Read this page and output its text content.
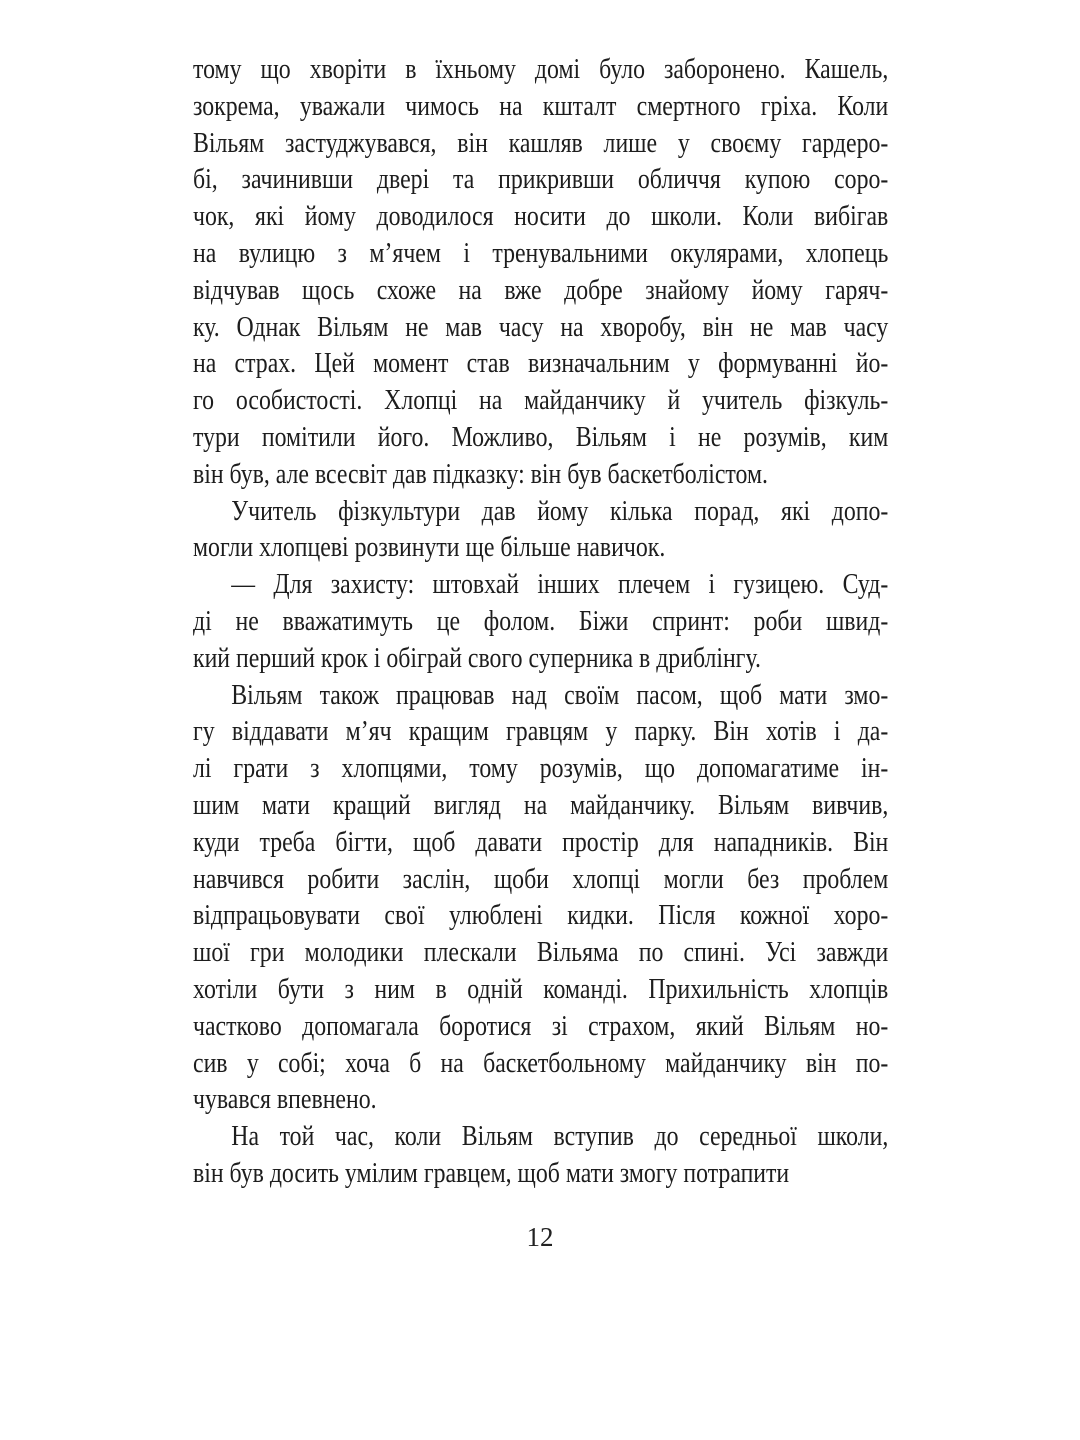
тому що хворіти в їхньому домі було заборонено. Кашель,
зокрема, уважали чимось на кшталт смертного гріха. Коли
Вільям застуджувався, він кашляв лише у своєму гардеро-
бі, зачинивши двері та прикривши обличчя купою соро-
чок, які йому доводилося носити до школи. Коли вибігав
на вулицю з м’ячем і тренувальними окулярами, хлопець
відчував щось схоже на вже добре знайому йому гаряч-
ку. Однак Вільям не мав часу на хворобу, він не мав часу
на страх. Цей момент став визначальним у формуванні йо-
го особистості. Хлопці на майданчику й учитель фізкуль-
тури помітили його. Можливо, Вільям і не розумів, ким
він був, але всесвіт дав підказку: він був баскетболістом.
Учитель фізкультури дав йому кілька порад, які допо-
могли хлопцеві розвинути ще більше навичок.
— Для захисту: штовхай інших плечем і гузицею. Суд-
ді не вважатимуть це фолом. Біжи спринт: роби швид-
кий перший крок і обіграй свого суперника в дриблінгу.
Вільям також працював над своїм пасом, щоб мати змо-
гу віддавати м’яч кращим гравцям у парку. Він хотів і да-
лі грати з хлопцями, тому розумів, що допомагатиме ін-
шим мати кращий вигляд на майданчику. Вільям вивчив,
куди треба бігти, щоб давати простір для нападників. Він
навчився робити заслін, щоби хлопці могли без проблем
відпрацьовувати свої улюблені кидки. Після кожної хоро-
шої гри молодики плескали Вільяма по спині. Усі завжди
хотіли бути з ним в одній команді. Прихильність хлопців
частково допомагала боротися зі страхом, який Вільям но-
сив у собі; хоча б на баскетбольному майданчику він по-
чувався впевнено.
На той час, коли Вільям вступив до середньої школи,
він був досить умілим гравцем, щоб мати змогу потрапити
12
